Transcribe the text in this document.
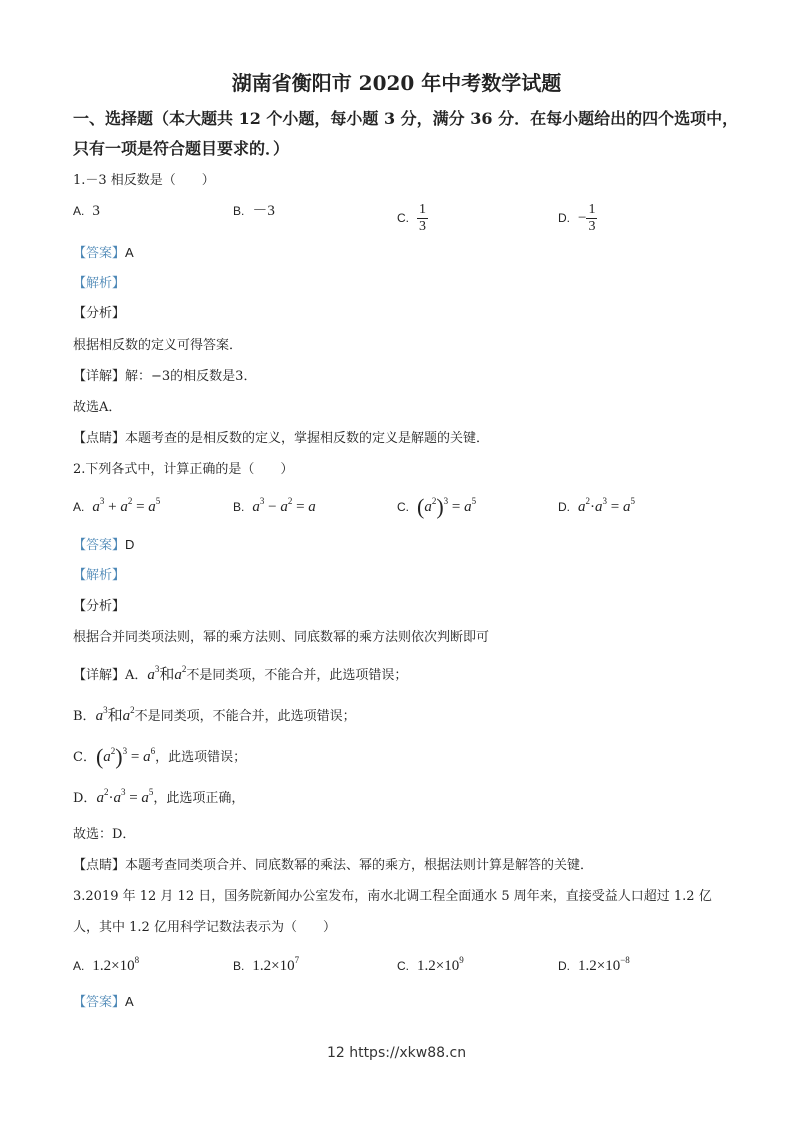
湖南省衡阳市 2020 年中考数学试题
一、选择题（本大题共 12 个小题，每小题 3 分，满分 36 分．在每小题给出的四个选项中，
只有一项是符合题目要求的．）
1.－3 相反数是（　　）
A. 3	B. －3	C. $\frac{1}{3}$	D. − $\frac{1}{3}$
【答案】A
【解析】
【分析】
根据相反数的定义可得答案．
【详解】解：−3的相反数是3．
故选A．
【点睛】本题考查的是相反数的定义，掌握相反数的定义是解题的关键．
2.下列各式中，计算正确的是（　　）
A. $a^3 + a^2 = a^5$	B. $a^3 - a^2 = a$	C. $(a^2)^3 = a^5$	D. $a^2\cdot a^3 = a^5$
【答案】D
【解析】
【分析】
根据合并同类项法则，幂的乘方法则、同底数幂的乘方法则依次判断即可
【详解】A．$a^3$和$a^2$不是同类项，不能合并，此选项错误；
B．$a^3$和$a^2$不是同类项，不能合并，此选项错误；
C．$(a^2)^3 = a^6$，此选项错误；
D．$a^2\cdot a^3 = a^5$，此选项正确，
故选：D．
【点睛】本题考查同类项合并、同底数幂的乘法、幂的乘方，根据法则计算是解答的关键．
3.2019 年 12 月 12 日，国务院新闻办公室发布，南水北调工程全面通水 5 周年来，直接受益人口超过 1.2 亿
人，其中 1.2 亿用科学记数法表示为（　　）
A. $1.2\times 10^8$	B. $1.2\times 10^7$	C. $1.2\times 10^9$	D. $1.2\times 10^{-8}$
【答案】A
12 https://xkw88.cn
